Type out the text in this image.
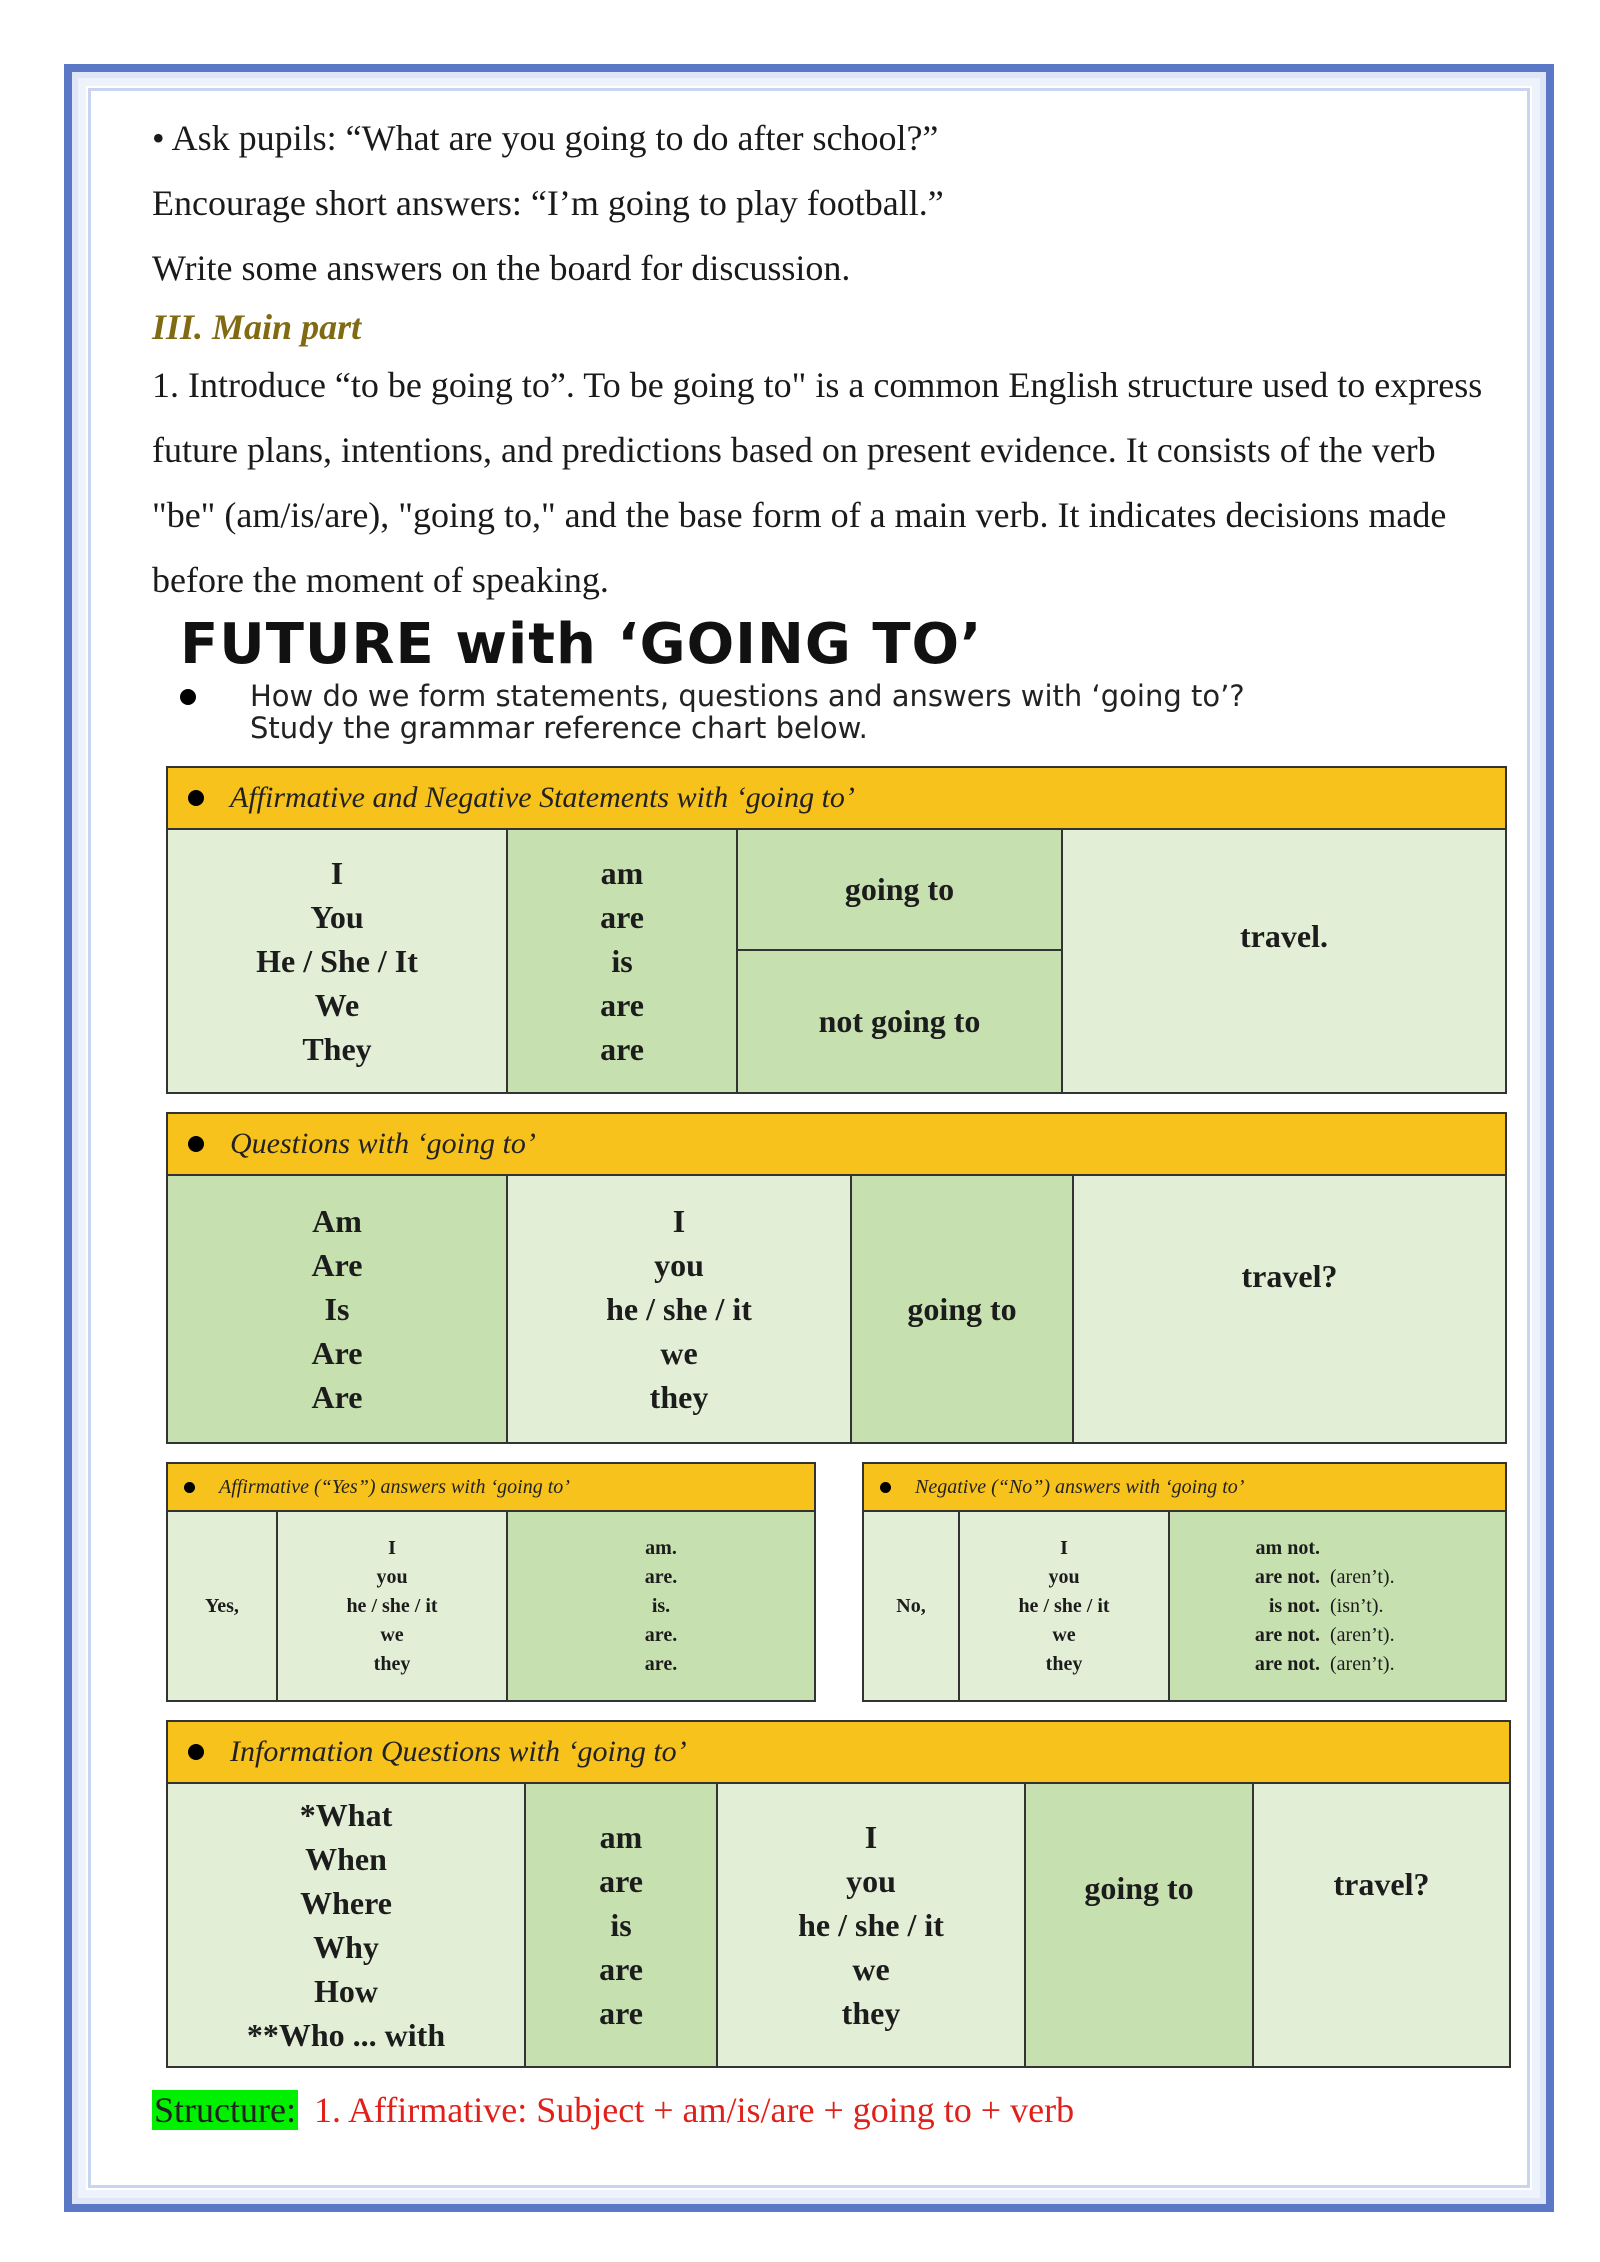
• Ask pupils: “What are you going to do after school?”

Encourage short answers: “I’m going to play football.”

Write some answers on the board for discussion.

III. Main part

1. Introduce “to be going to”. To be going to" is a common English structure used to express future plans, intentions, and predictions based on present evidence. It consists of the verb "be" (am/is/are), "going to," and the base form of a main verb. It indicates decisions made before the moment of speaking.

FUTURE with ‘GOING TO’
How do we form statements, questions and answers with ‘going to’?
Study the grammar reference chart below.
Affirmative and Negative Statements with ‘going to’
I
You
He / She / It
We
They
am
are
is
are
are
going to
not going to
travel.
Questions with ‘going to’
Am
Are
Is
Are
Are
I
you
he / she / it
we
they
going to
travel?
Affirmative (“Yes”) answers with ‘going to’
Yes,
I
you
he / she / it
we
they
am.
are.
is.
are.
are.
Negative (“No”) answers with ‘going to’
No,
I
you
he / she / it
we
they
am not.
are not.
is not.
are not.
are not.
(aren’t).
(isn’t).
(aren’t).
(aren’t).
Information Questions with ‘going to’
*What
When
Where
Why
How
**Who ... with
am
are
is
are
are
I
you
he / she / it
we
they
going to	travel?
Structure: 1. Affirmative: Subject + am/is/are + going to + verb
